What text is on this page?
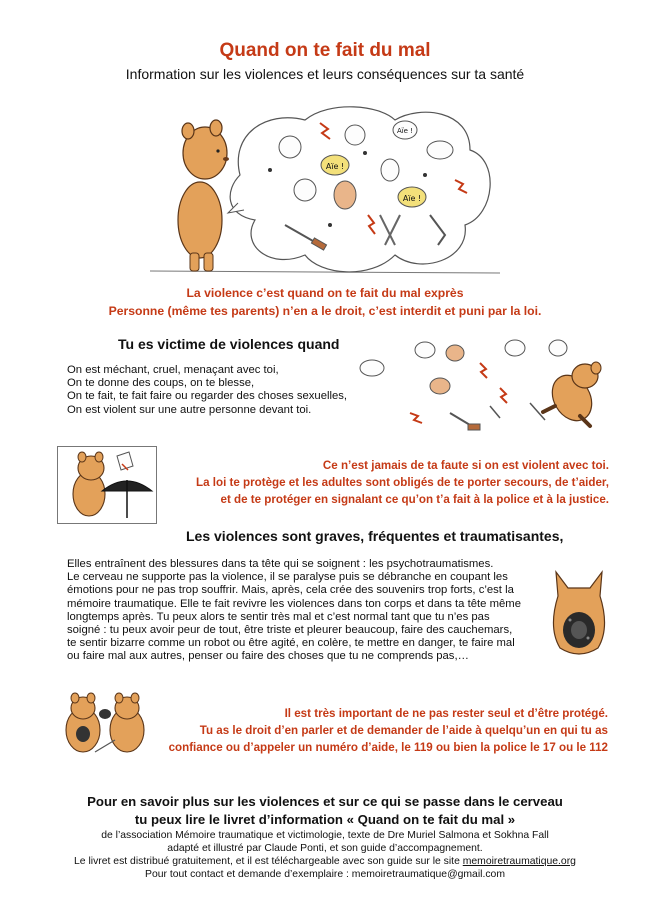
Quand on te fait du mal
Information sur les violences et leurs conséquences sur ta santé
Aïe !
Aïe !
Aïe !
La violence c’est quand on te fait du mal exprès
Personne (même tes parents) n’en a le droit, c’est interdit et puni par la loi.
Tu es victime de violences quand
On est méchant, cruel, menaçant avec toi,
On te donne des coups, on te blesse,
On te fait, te fait faire ou regarder des choses sexuelles,
On est violent sur une autre personne devant toi.
Ce n’est jamais de ta faute si on est violent avec toi.
La loi te protège et les adultes sont obligés de te porter secours, de t’aider,
et de te protéger en signalant ce qu’on t’a fait à la police et à la justice.
Les violences sont graves, fréquentes et traumatisantes,
Elles entraînent des blessures dans ta tête qui se soignent : les psychotraumatismes.
Le cerveau ne supporte pas la violence, il se paralyse puis se débranche en coupant les
émotions pour ne pas trop souffrir. Mais, après, cela crée des souvenirs trop forts, c’est la
mémoire traumatique. Elle te fait revivre les violences dans ton corps et dans ta tête même
longtemps après. Tu peux alors te sentir très mal et c’est normal tant que tu n’es pas
soigné : tu peux avoir peur de tout, être triste et pleurer beaucoup, faire des cauchemars,
te sentir bizarre comme un robot ou être agité, en colère, te mettre en danger, te faire mal
ou faire mal aux autres, penser ou faire des choses que tu ne comprends pas,…
Il est très important de ne pas rester seul et d’être protégé.
Tu as le droit d’en parler et de demander de l’aide à quelqu’un en qui tu as
confiance ou d’appeler un numéro d’aide, le 119 ou bien la police le 17 ou le 112
Pour en savoir plus sur les violences et sur ce qui se passe dans le cerveau
tu peux lire le livret d’information « Quand on te fait du mal »
de l’association Mémoire traumatique et victimologie, texte de Dre Muriel Salmona et Sokhna Fall
adapté et illustré par Claude Ponti, et son guide d’accompagnement.
Le livret est distribué gratuitement, et il est téléchargeable avec son guide sur le site memoiretraumatique.org
Pour tout contact et demande d’exemplaire : memoiretraumatique@gmail.com
